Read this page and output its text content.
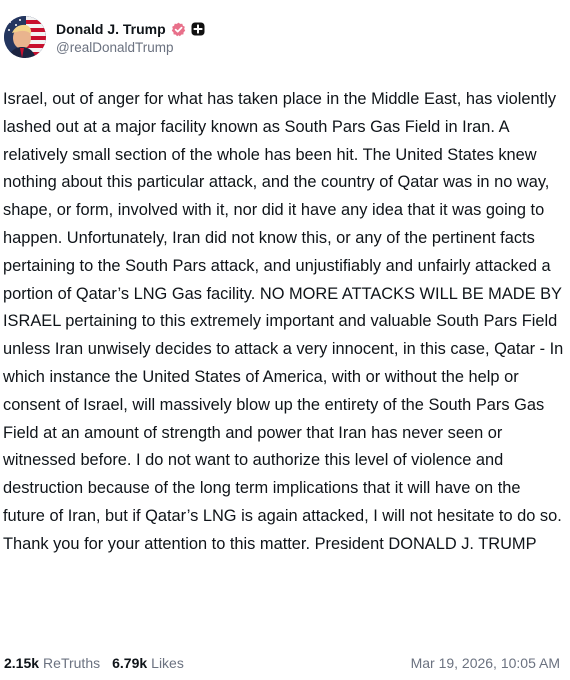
Donald J. Trump
@realDonaldTrump
Israel, out of anger for what has taken place in the Middle East, has violently lashed out at a major facility known as South Pars Gas Field in Iran. A relatively small section of the whole has been hit. The United States knew nothing about this particular attack, and the country of Qatar was in no way, shape, or form, involved with it, nor did it have any idea that it was going to happen. Unfortunately, Iran did not know this, or any of the pertinent facts pertaining to the South Pars attack, and unjustifiably and unfairly attacked a portion of Qatar’s LNG Gas facility. NO MORE ATTACKS WILL BE MADE BY ISRAEL pertaining to this extremely important and valuable South Pars Field unless Iran unwisely decides to attack a very innocent, in this case, Qatar - In which instance the United States of America, with or without the help or consent of Israel, will massively blow up the entirety of the South Pars Gas Field at an amount of strength and power that Iran has never seen or witnessed before. I do not want to authorize this level of violence and destruction because of the long term implications that it will have on the future of Iran, but if Qatar’s LNG is again attacked, I will not hesitate to do so. Thank you for your attention to this matter. President DONALD J. TRUMP
2.15k ReTruths 6.79k Likes	Mar 19, 2026, 10:05 AM
